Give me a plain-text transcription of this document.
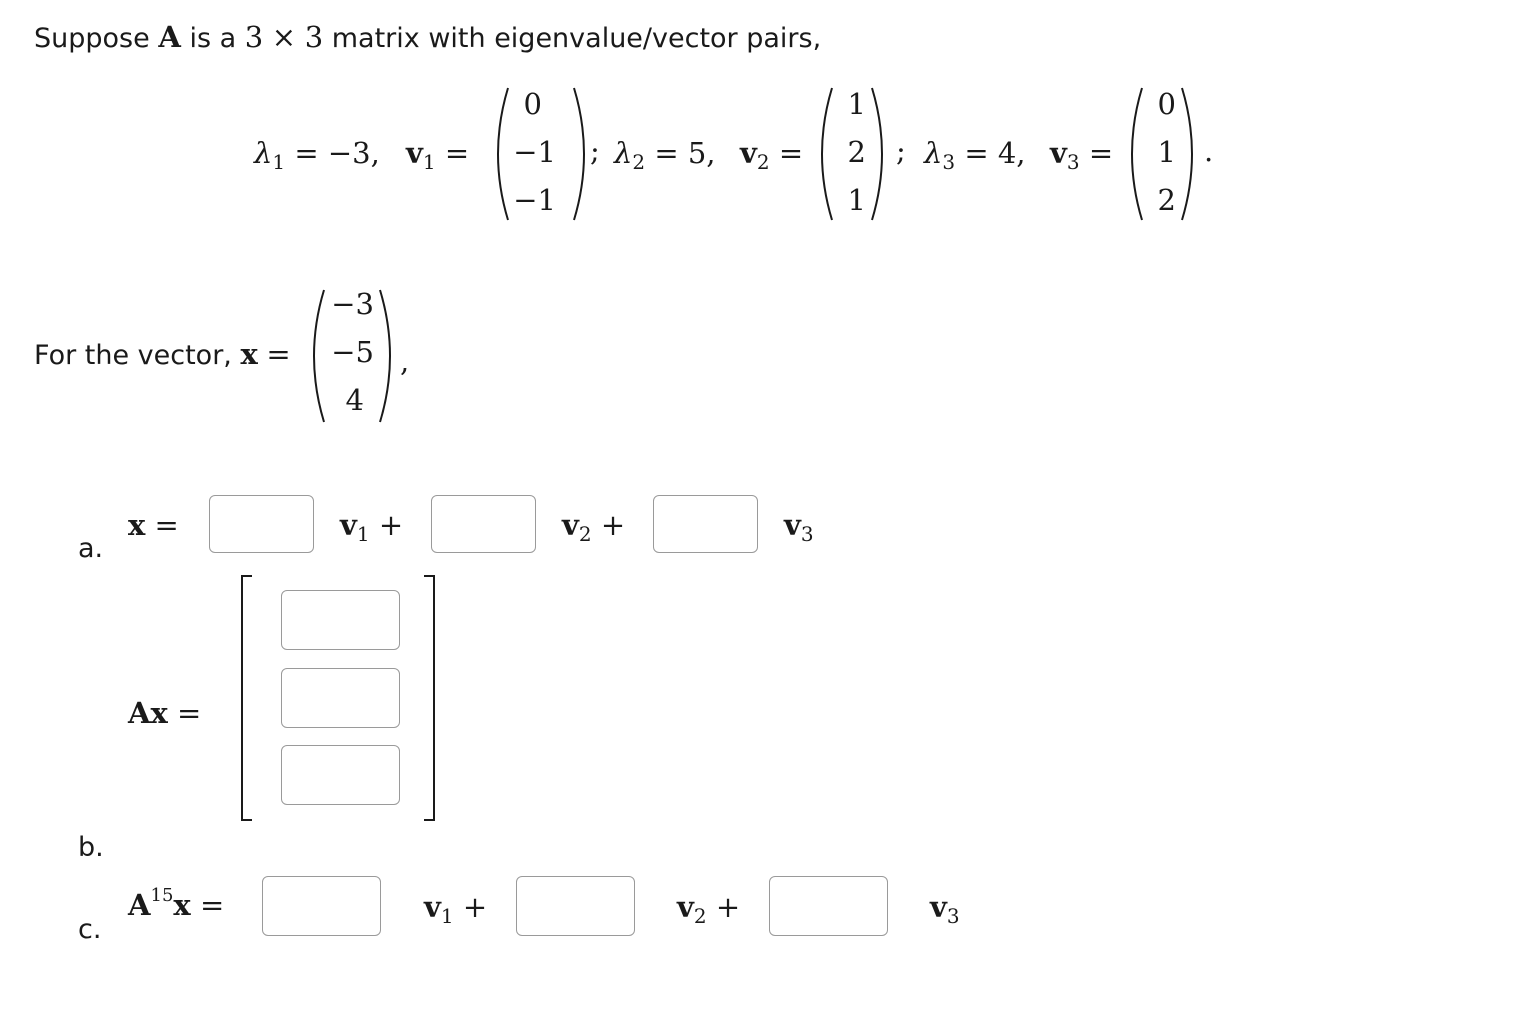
Suppose A is a 3 × 3 matrix with eigenvalue/vector pairs,
$\lambda_1 = -3$, $v_1$ =
0
−1
−1
; $\lambda_2 = 5$, $v_2$ =
1
2
1
; $\lambda_3 = 4$, $v_3$ =
0
1
2
.
For the vector, x =
−3
−5
4
,
a.
x =	$v_1$ +	$v_2$ +	$v_3$
b.
Ax =
c.
$A^{15}x$ =	$v_1$ +	$v_2$ +	$v_3$
